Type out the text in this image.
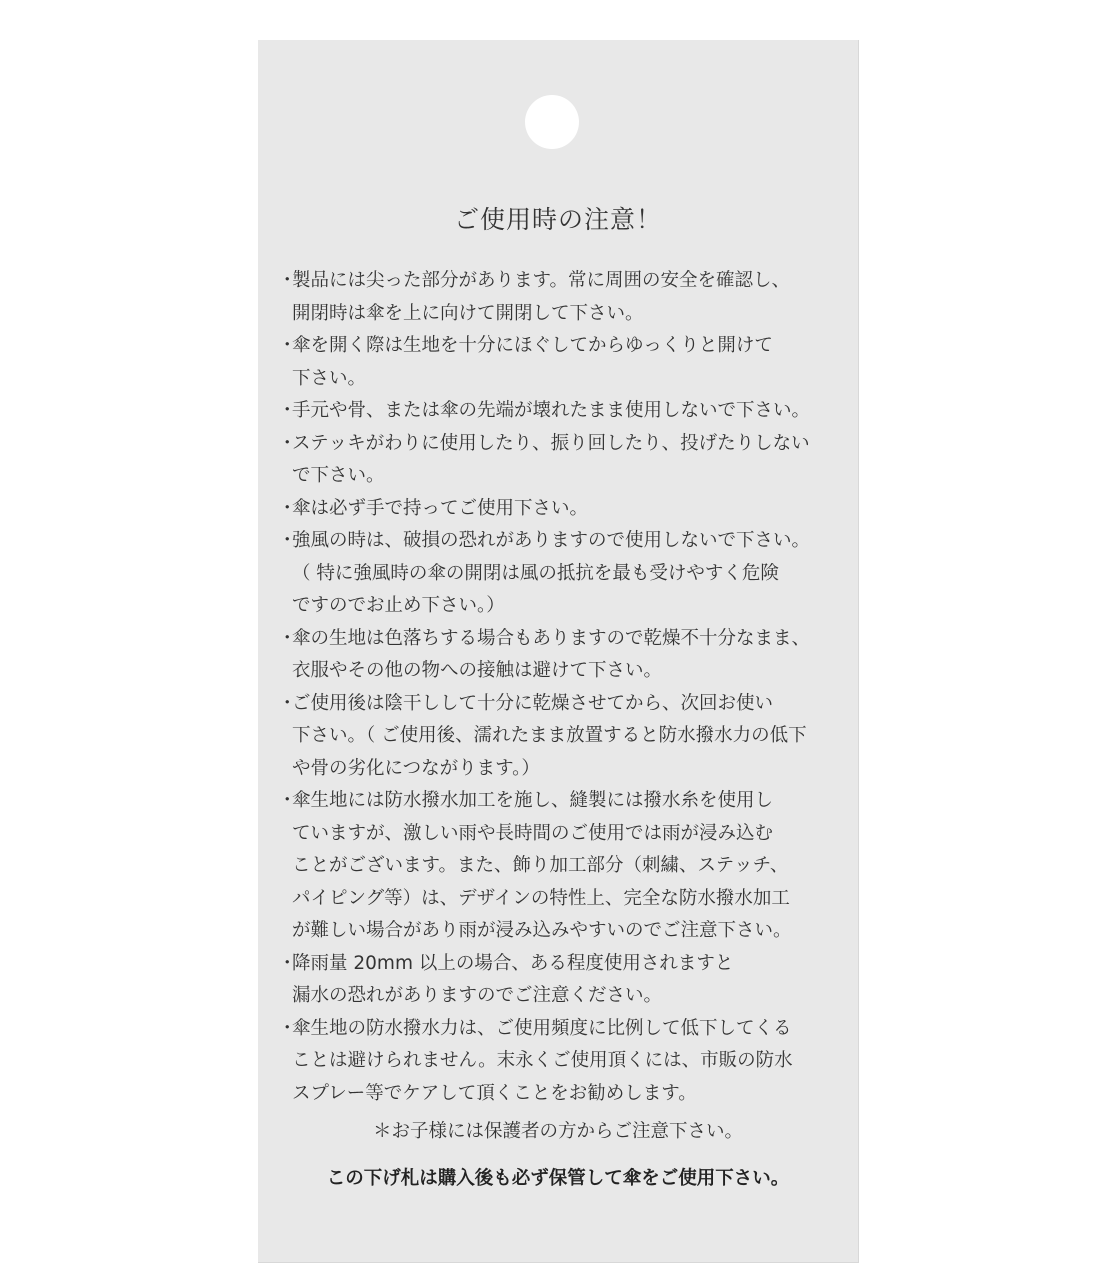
ご使用時の注意！
・
製品には尖った部分があります。常に周囲の安全を確認し、
開閉時は傘を上に向けて開閉して下さい。
・
傘を開く際は生地を十分にほぐしてからゆっくりと開けて
下さい。
・
手元や骨、または傘の先端が壊れたまま使用しないで下さい。
・
ステッキがわりに使用したり、振り回したり、投げたりしない
で下さい。
・
傘は必ず手で持ってご使用下さい。
・
強風の時は、破損の恐れがありますので使用しないで下さい。
（ 特に強風時の傘の開閉は風の抵抗を最も受けやすく危険
ですのでお止め下さい。）
・
傘の生地は色落ちする場合もありますので乾燥不十分なまま、
衣服やその他の物への接触は避けて下さい。
・
ご使用後は陰干しして十分に乾燥させてから、次回お使い
下さい。（ ご使用後、濡れたまま放置すると防水撥水力の低下
や骨の劣化につながります。）
・
傘生地には防水撥水加工を施し、縫製には撥水糸を使用し
ていますが、激しい雨や長時間のご使用では雨が浸み込む
ことがございます。また、飾り加工部分（刺繍、ステッチ、
パイピング等）は、デザインの特性上、完全な防水撥水加工
が難しい場合があり雨が浸み込みやすいのでご注意下さい。
・
降雨量 20mm 以上の場合、ある程度使用されますと
漏水の恐れがありますのでご注意ください。
・
傘生地の防水撥水力は、ご使用頻度に比例して低下してくる
ことは避けられません。末永くご使用頂くには、市販の防水
スプレー等でケアして頂くことをお勧めします。
＊お子様には保護者の方からご注意下さい。
この下げ札は購入後も必ず保管して傘をご使用下さい。
